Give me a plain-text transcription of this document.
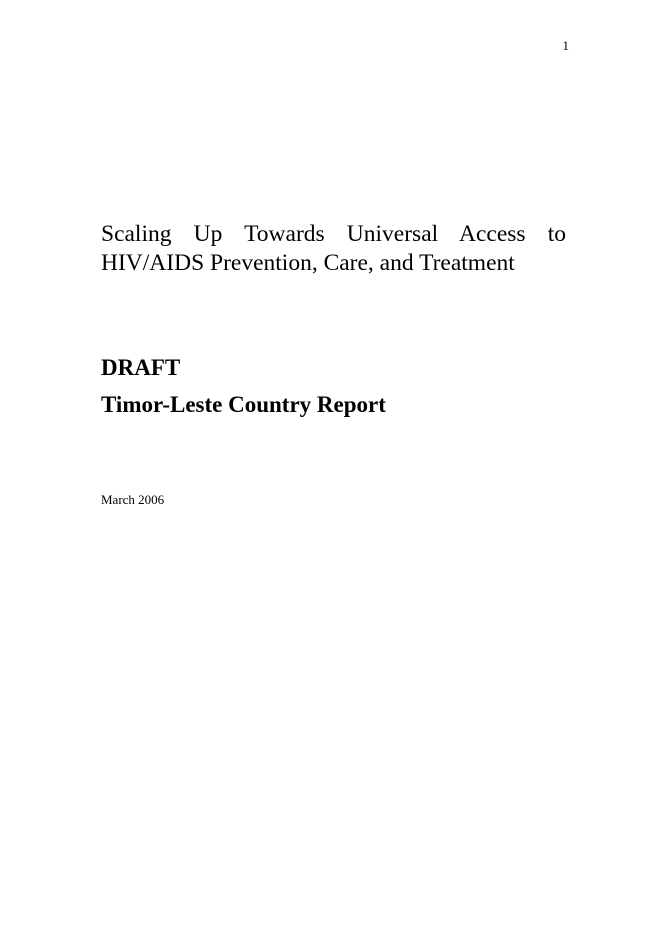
1
Scaling Up Towards Universal Access to HIV/AIDS Prevention, Care, and Treatment
DRAFT
Timor-Leste Country Report
March 2006
